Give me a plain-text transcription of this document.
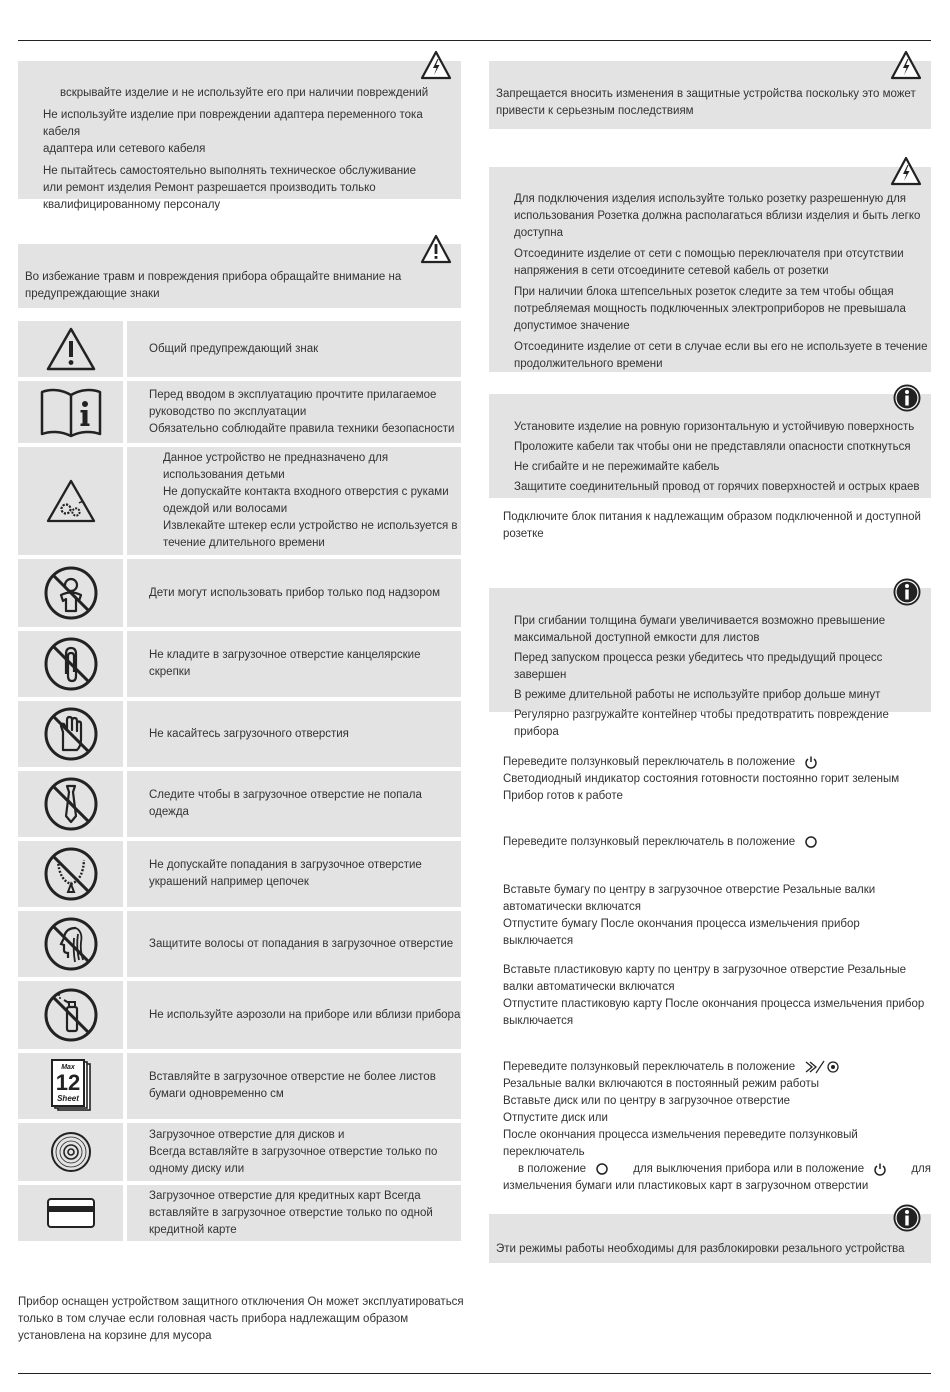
вскрывайте изделие и не используйте его при наличии повреждений

Не используйте изделие при повреждении адаптера переменного тока кабеля

адаптера или сетевого кабеля

Не пытайтесь самостоятельно выполнять техническое обслуживание

или ремонт изделия Ремонт разрешается производить только

квалифицированному персоналу

Во избежание травм и повреждения прибора обращайте внимание на

предупреждающие знаки

Общий предупреждающий знак

Перед вводом в эксплуатацию прочтите прилагаемое

руководство по эксплуатации

Обязательно соблюдайте правила техники безопасности

Данное устройство не предназначено для

использования детьми

Не допускайте контакта входного отверстия с руками

одеждой или волосами

Извлекайте штекер если устройство не используется в

течение длительного времени

Дети могут использовать прибор только под надзором

Не кладите в загрузочное отверстие канцелярские

скрепки

Не касайтесь загрузочного отверстия

Следите чтобы в загрузочное отверстие не попала

одежда

Не допускайте попадания в загрузочное отверстие

украшений например цепочек

Защитите волосы от попадания в загрузочное отверстие

Не используйте аэрозоли на приборе или вблизи прибора

Max
12
Sheet

Вставляйте в загрузочное отверстие не более листов

бумаги одновременно см

Загрузочное отверстие для дисков и

Всегда вставляйте в загрузочное отверстие только по

одному диску или

Загрузочное отверстие для кредитных карт Всегда

вставляйте в загрузочное отверстие только по одной

кредитной карте

Прибор оснащен устройством защитного отключения Он может эксплуатироваться

только в том случае если головная часть прибора надлежащим образом

установлена на корзине для мусора

Запрещается вносить изменения в защитные устройства поскольку это может

привести к серьезным последствиям

Для подключения изделия используйте только розетку разрешенную для

использования Розетка должна располагаться вблизи изделия и быть легко

доступна

Отсоедините изделие от сети с помощью переключателя при отсутствии

напряжения в сети отсоедините сетевой кабель от розетки

При наличии блока штепсельных розеток следите за тем чтобы общая

потребляемая мощность подключенных электроприборов не превышала

допустимое значение

Отсоедините изделие от сети в случае если вы его не используете в течение

продолжительного времени

Установите изделие на ровную горизонтальную и устойчивую поверхность

Проложите кабели так чтобы они не представляли опасности споткнуться

Не сгибайте и не пережимайте кабель

Защитите соединительный провод от горячих поверхностей и острых краев

Подключите блок питания к надлежащим образом подключенной и доступной

розетке

При сгибании толщина бумаги увеличивается возможно превышение

максимальной доступной емкости для листов

Перед запуском процесса резки убедитесь что предыдущий процесс завершен

В режиме длительной работы не используйте прибор дольше минут

Регулярно разгружайте контейнер чтобы предотвратить повреждение прибора

Переведите ползунковый переключатель в положение

Светодиодный индикатор состояния готовности постоянно горит зеленым

Прибор готов к работе

Переведите ползунковый переключатель в положение

Вставьте бумагу по центру в загрузочное отверстие Резальные валки

автоматически включатся

Отпустите бумагу После окончания процесса измельчения прибор выключается

Вставьте пластиковую карту по центру в загрузочное отверстие Резальные

валки автоматически включатся

Отпустите пластиковую карту После окончания процесса измельчения прибор

выключается

Переведите ползунковый переключатель в положение

Резальные валки включаются в постоянный режим работы

Вставьте диск или по центру в загрузочное отверстие

Отпустите диск или

После окончания процесса измельчения переведите ползунковый переключатель

в положение	для выключения прибора или в положение	для

измельчения бумаги или пластиковых карт в загрузочном отверстии

Эти режимы работы необходимы для разблокировки резального устройства
